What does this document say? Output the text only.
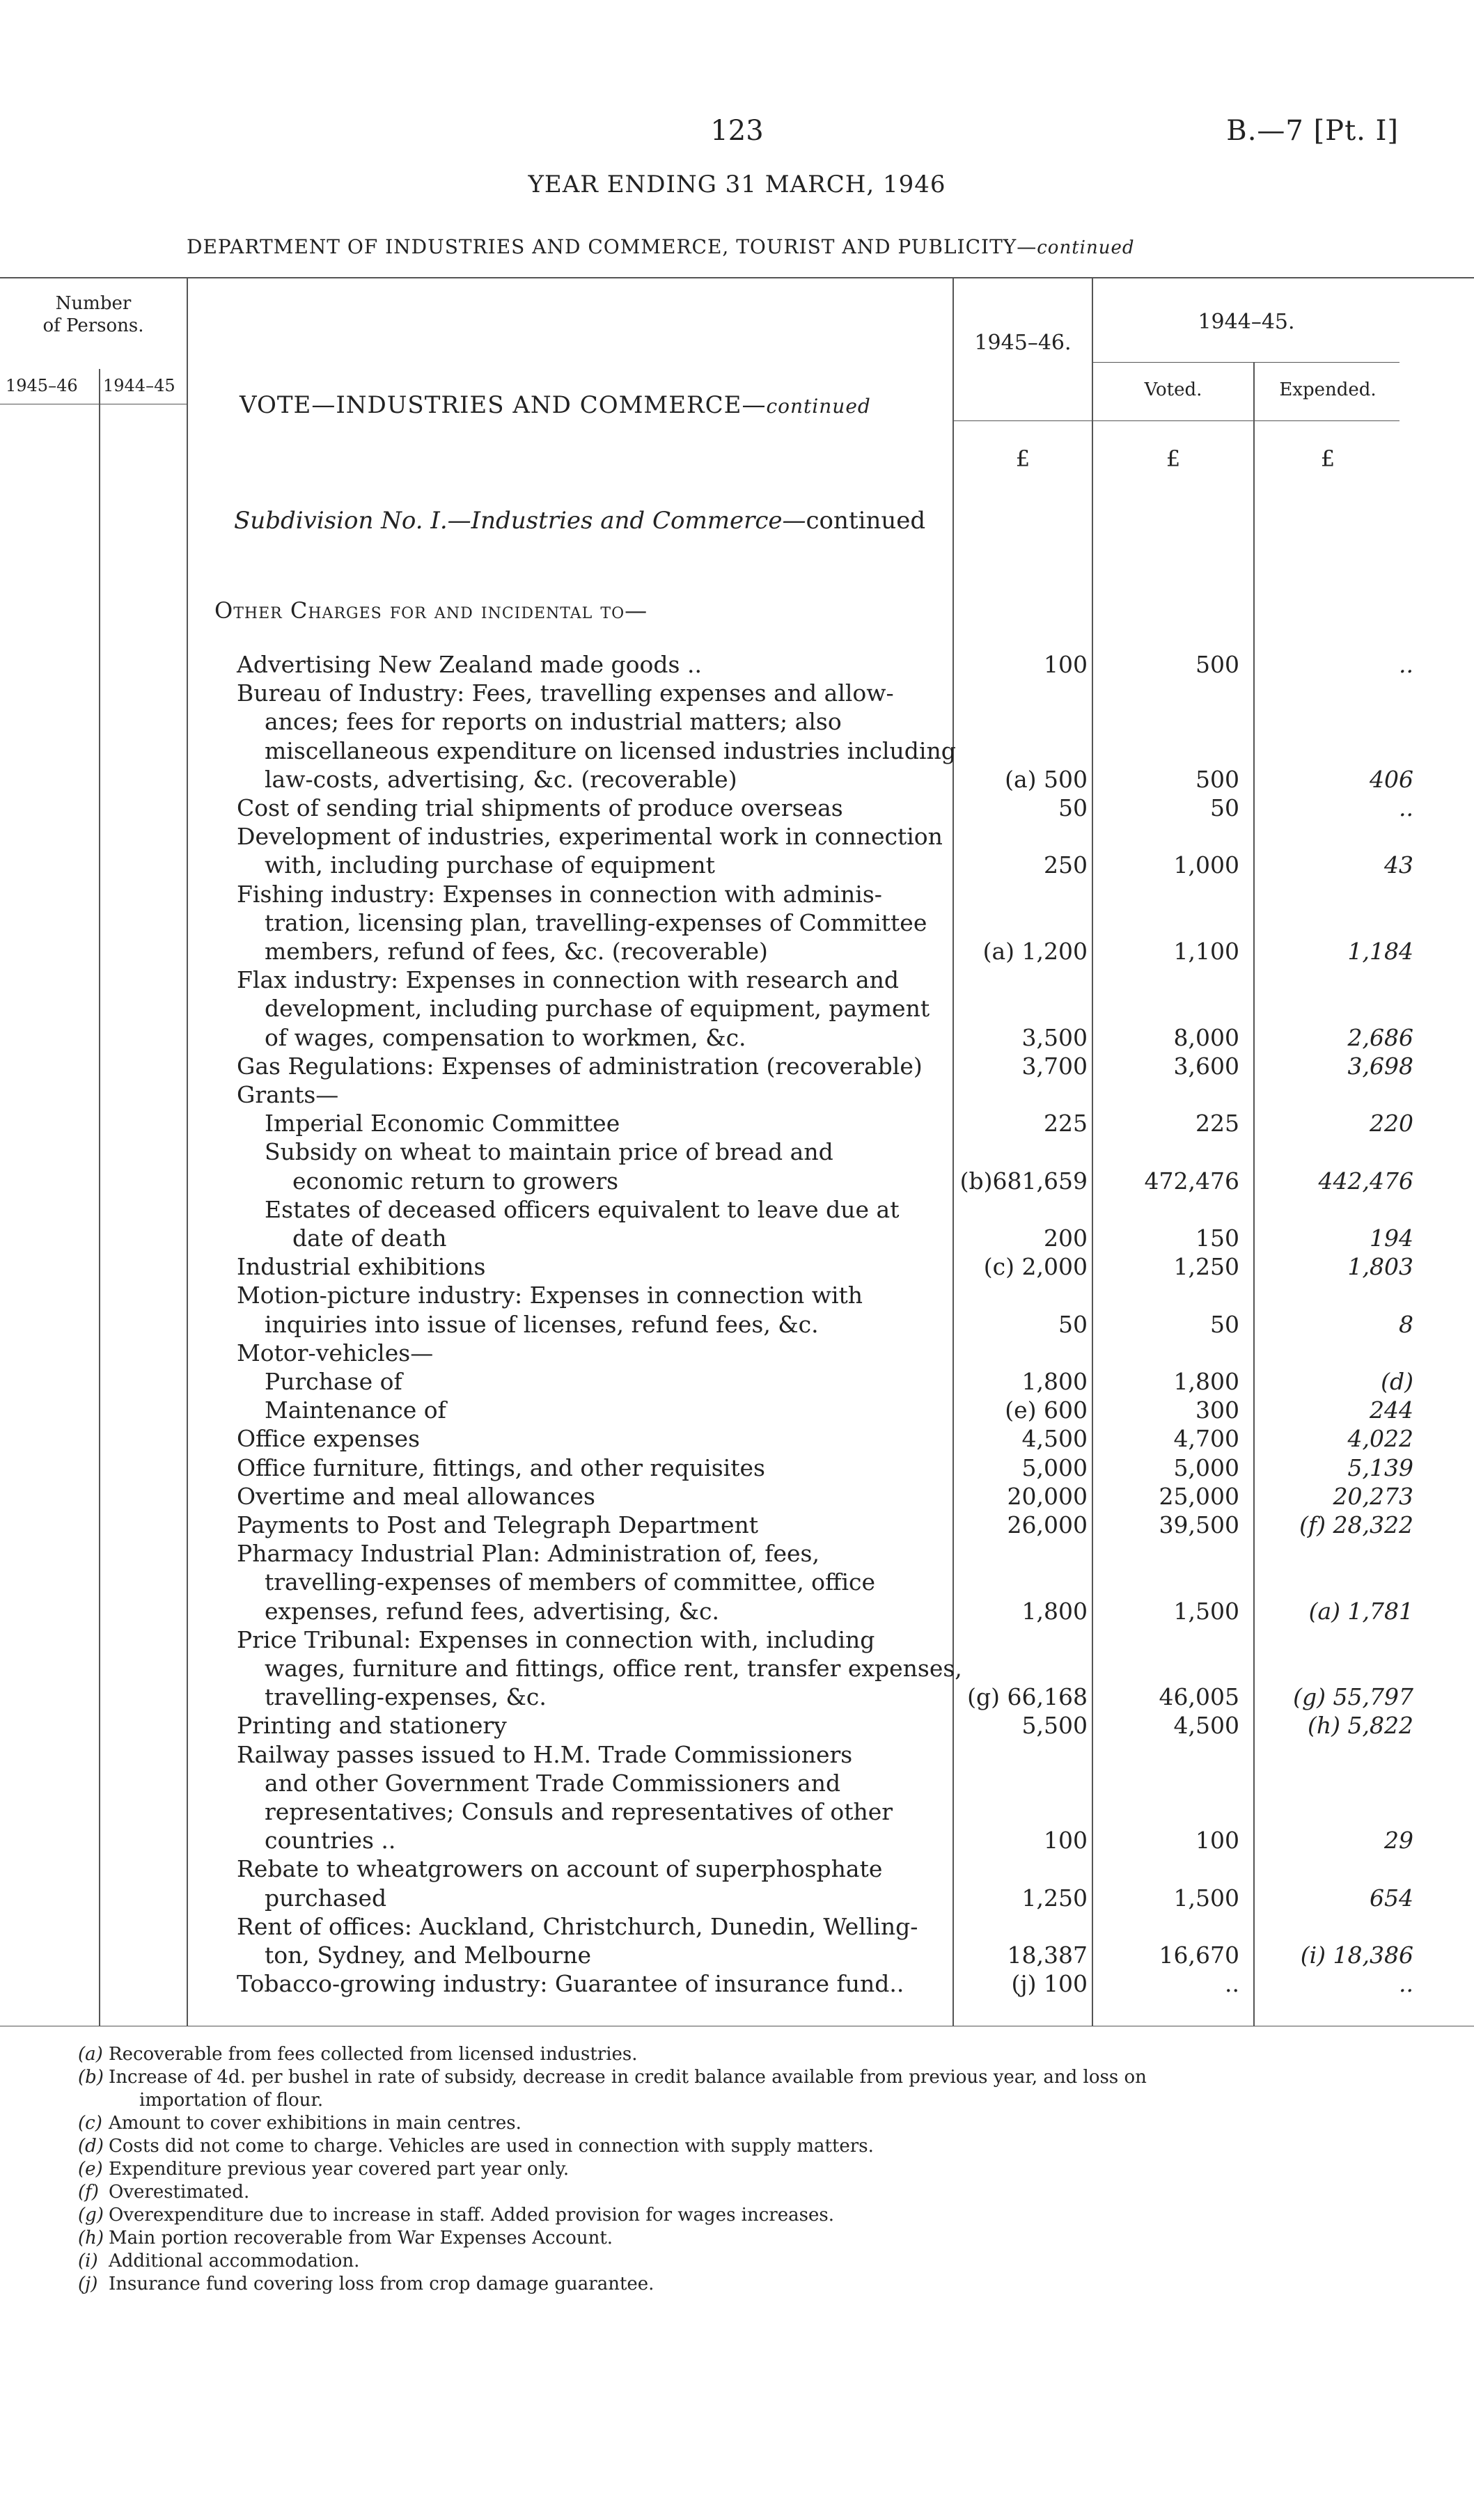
123	B.—7 [Pt. I]
YEAR ENDING 31 MARCH, 1946
DEPARTMENT OF INDUSTRIES AND COMMERCE, TOURIST AND PUBLICITY—continued
Number
of Persons.
1945–46 1944–45
1945–46.
1944–45.
Voted.	Expended.
£	£	£
VOTE—INDUSTRIES AND COMMERCE—continued
Subdivision No. I.—Industries and Commerce—continued
Other Charges for and incidental to—
Advertising New Zealand made goods ..	100	500	..
Bureau of Industry: Fees, travelling expenses and allow-
ances; fees for reports on industrial matters; also
miscellaneous expenditure on licensed industries including
law-costs, advertising, &c. (recoverable)	(a) 500	500	406
Cost of sending trial shipments of produce overseas	50	50	..
Development of industries, experimental work in connection
with, including purchase of equipment	250	1,000	43
Fishing industry: Expenses in connection with adminis-
tration, licensing plan, travelling-expenses of Committee
members, refund of fees, &c. (recoverable)	(a) 1,200	1,100	1,184
Flax industry: Expenses in connection with research and
development, including purchase of equipment, payment
of wages, compensation to workmen, &c.	3,500	8,000	2,686
Gas Regulations: Expenses of administration (recoverable)	3,700	3,600	3,698
Grants—
Imperial Economic Committee	225	225	220
Subsidy on wheat to maintain price of bread and
economic return to growers	(b)681,659	472,476	442,476
Estates of deceased officers equivalent to leave due at
date of death	200	150	194
Industrial exhibitions	(c) 2,000	1,250	1,803
Motion-picture industry: Expenses in connection with
inquiries into issue of licenses, refund fees, &c.	50	50	8
Motor-vehicles—
Purchase of	1,800	1,800	(d)
Maintenance of	(e) 600	300	244
Office expenses	4,500	4,700	4,022
Office furniture, fittings, and other requisites	5,000	5,000	5,139
Overtime and meal allowances	20,000	25,000	20,273
Payments to Post and Telegraph Department	26,000	39,500	(f) 28,322
Pharmacy Industrial Plan: Administration of, fees,
travelling-expenses of members of committee, office
expenses, refund fees, advertising, &c.	1,800	1,500	(a) 1,781
Price Tribunal: Expenses in connection with, including
wages, furniture and fittings, office rent, transfer expenses,
travelling-expenses, &c.	(g) 66,168	46,005	(g) 55,797
Printing and stationery	5,500	4,500	(h) 5,822
Railway passes issued to H.M. Trade Commissioners
and other Government Trade Commissioners and
representatives; Consuls and representatives of other
countries ..	100	100	29
Rebate to wheatgrowers on account of superphosphate
purchased	1,250	1,500	654
Rent of offices: Auckland, Christchurch, Dunedin, Welling-
ton, Sydney, and Melbourne	18,387	16,670	(i) 18,386
Tobacco-growing industry: Guarantee of insurance fund..	(j) 100	..	..
(a) Recoverable from fees collected from licensed industries.
(b) Increase of 4d. per bushel in rate of subsidy, decrease in credit balance available from previous year, and loss on
importation of flour.
(c) Amount to cover exhibitions in main centres.
(d) Costs did not come to charge. Vehicles are used in connection with supply matters.
(e) Expenditure previous year covered part year only.
(f) Overestimated.
(g) Overexpenditure due to increase in staff. Added provision for wages increases.
(h) Main portion recoverable from War Expenses Account.
(i) Additional accommodation.
(j) Insurance fund covering loss from crop damage guarantee.
